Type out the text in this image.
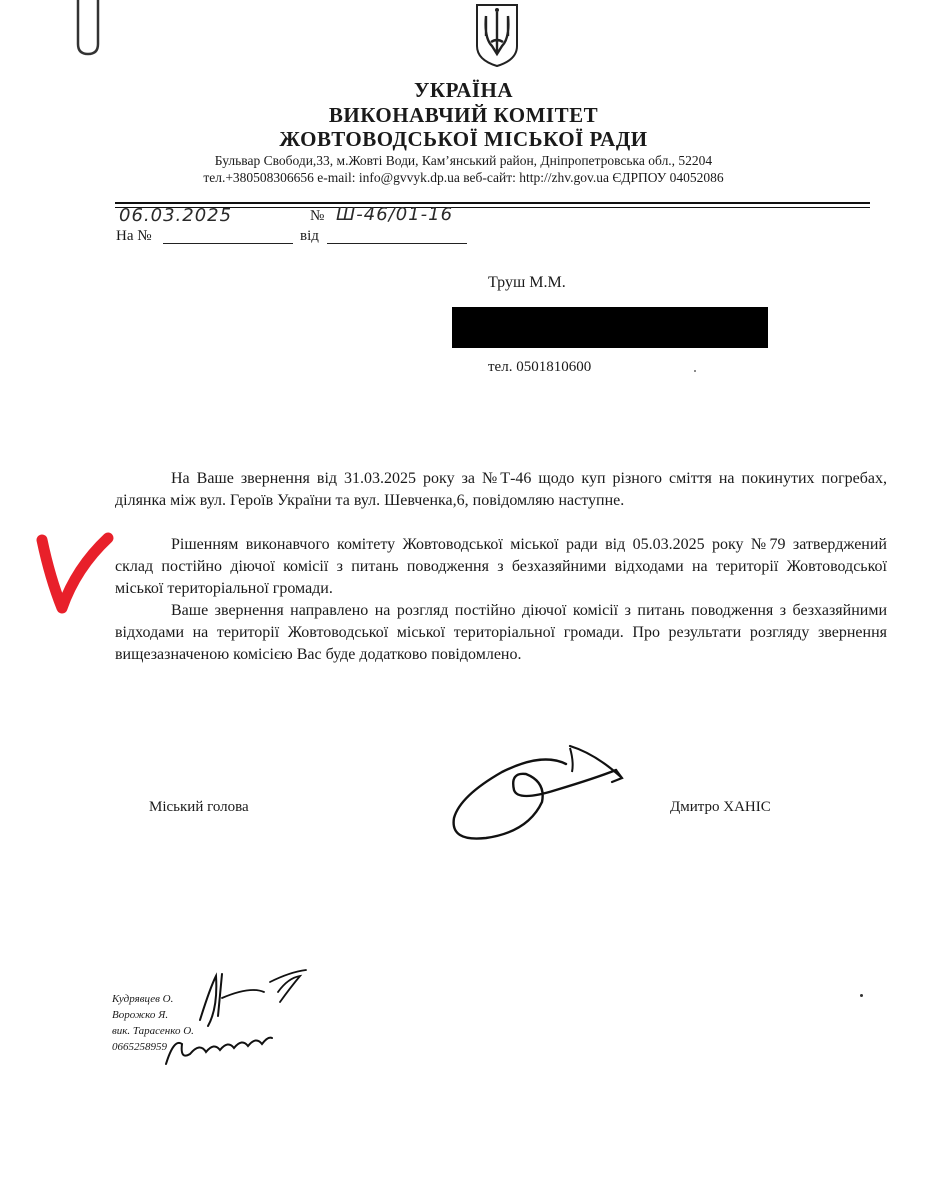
УКРАЇНА
ВИКОНАВЧИЙ КОМІТЕТ
ЖОВТОВОДСЬКОЇ МІСЬКОЇ РАДИ
Бульвар Свободи,33, м.Жовті Води, Кам’янський район, Дніпропетровська обл., 52204
тел.+380508306656 e-mail: info@gvvyk.dp.ua веб-сайт: http://zhv.gov.ua ЄДРПОУ 04052086
06.03.2025	№ Ш-46/01-16
На №	від
Труш М.М.
тел. 0501810600
На Ваше звернення від 31.03.2025 року за №Т-46 щодо куп різного сміття на покинутих погребах, ділянка між вул. Героїв України та вул. Шевченка,6, повідомляю наступне.
Рішенням виконавчого комітету Жовтоводської міської ради від 05.03.2025 року №79 затверджений склад постійно діючої комісії з питань поводження з безхазяйними відходами на території Жовтоводської міської територіальної громади.
Ваше звернення направлено на розгляд постійно діючої комісії з питань поводження з безхазяйними відходами на території Жовтоводської міської територіальної громади. Про результати розгляду звернення вищезазначеною комісією Вас буде додатково повідомлено.
Міський голова	Дмитро ХАНІС
Кудрявцев О.
Ворожко Я.
вик. Тарасенко О.
0665258959
